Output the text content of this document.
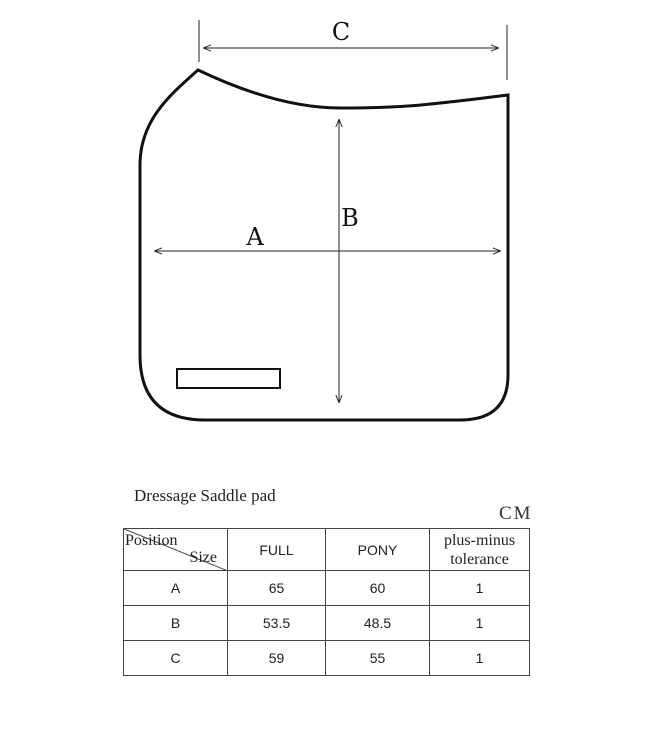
C
A
B
Dressage Saddle pad
CM
Position
Size	FULL	PONY	plus-minus
tolerance
A	65	60	1
B	53.5	48.5	1
C	59	55	1
